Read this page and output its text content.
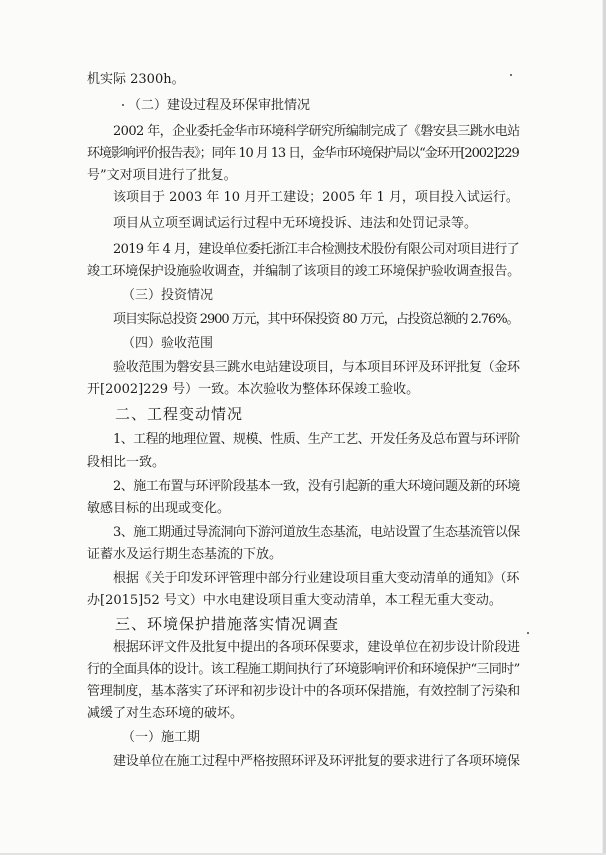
机实际 2300h。
（二）建设过程及环保审批情况
2002 年，企业委托金华市环境科学研究所编制完成了《磐安县三跳水电站
环境影响评价报告表》；同年 10 月 13 日，金华市环境保护局以“金环开[2002]229
号”文对项目进行了批复。
该项目于 2003 年 10 月开工建设；2005 年 1 月，项目投入试运行。
项目从立项至调试运行过程中无环境投诉、违法和处罚记录等。
2019 年 4 月，建设单位委托浙江丰合检测技术股份有限公司对项目进行了
竣工环境保护设施验收调查，并编制了该项目的竣工环境保护验收调查报告。
（三）投资情况
项目实际总投资 2900 万元，其中环保投资 80 万元，占投资总额的 2.76%。
（四）验收范围
验收范围为磐安县三跳水电站建设项目，与本项目环评及环评批复（金环
开[2002]229 号）一致。本次验收为整体环保竣工验收。
二、工程变动情况
1、工程的地理位置、规模、性质、生产工艺、开发任务及总布置与环评阶
段相比一致。
2、施工布置与环评阶段基本一致，没有引起新的重大环境问题及新的环境
敏感目标的出现或变化。
3、施工期通过导流洞向下游河道放生态基流，电站设置了生态基流管以保
证蓄水及运行期生态基流的下放。
根据《关于印发环评管理中部分行业建设项目重大变动清单的通知》（环
办[2015]52 号文）中水电建设项目重大变动清单，本工程无重大变动。
三、环境保护措施落实情况调查
根据环评文件及批复中提出的各项环保要求，建设单位在初步设计阶段进
行的全面具体的设计。该工程施工期间执行了环境影响评价和环境保护“三同时”
管理制度，基本落实了环评和初步设计中的各项环保措施，有效控制了污染和
减缓了对生态环境的破坏。
（一）施工期
建设单位在施工过程中严格按照环评及环评批复的要求进行了各项环境保
